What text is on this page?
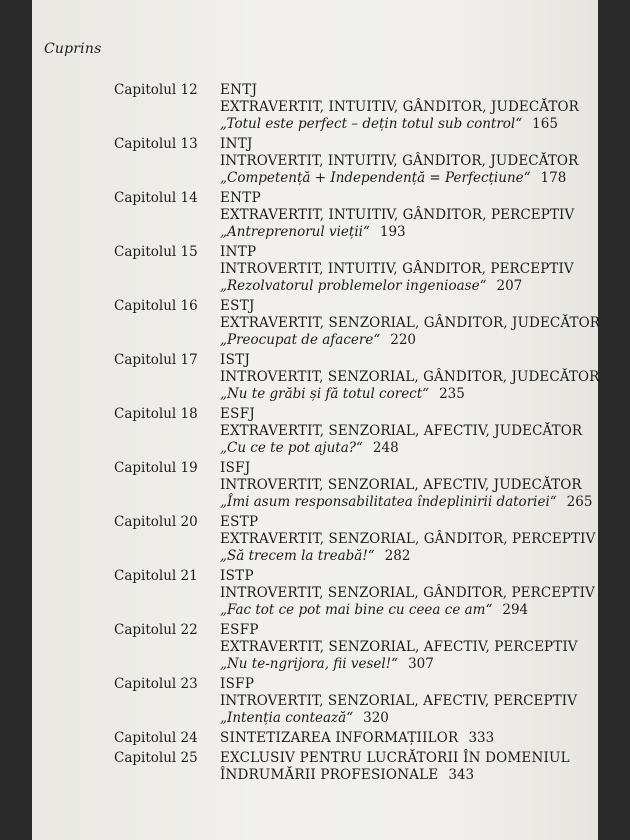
Cuprins
Capitolul 12	ENTJ
EXTRAVERTIT, INTUITIV, GÂNDITOR, JUDECĂTOR
„Totul este perfect – dețin totul sub control“ 165
Capitolul 13	INTJ
INTROVERTIT, INTUITIV, GÂNDITOR, JUDECĂTOR
„Competență + Independență = Perfecțiune“ 178
Capitolul 14	ENTP
EXTRAVERTIT, INTUITIV, GÂNDITOR, PERCEPTIV
„Antreprenorul vieții“ 193
Capitolul 15	INTP
INTROVERTIT, INTUITIV, GÂNDITOR, PERCEPTIV
„Rezolvatorul problemelor ingenioase“ 207
Capitolul 16	ESTJ
EXTRAVERTIT, SENZORIAL, GÂNDITOR, JUDECĂTOR
„Preocupat de afacere“ 220
Capitolul 17	ISTJ
INTROVERTIT, SENZORIAL, GÂNDITOR, JUDECĂTOR
„Nu te grăbi și fă totul corect“ 235
Capitolul 18	ESFJ
EXTRAVERTIT, SENZORIAL, AFECTIV, JUDECĂTOR
„Cu ce te pot ajuta?“ 248
Capitolul 19	ISFJ
INTROVERTIT, SENZORIAL, AFECTIV, JUDECĂTOR
„Îmi asum responsabilitatea îndeplinirii datoriei“ 265
Capitolul 20	ESTP
EXTRAVERTIT, SENZORIAL, GÂNDITOR, PERCEPTIV
„Să trecem la treabă!“ 282
Capitolul 21	ISTP
INTROVERTIT, SENZORIAL, GÂNDITOR, PERCEPTIV
„Fac tot ce pot mai bine cu ceea ce am“ 294
Capitolul 22	ESFP
EXTRAVERTIT, SENZORIAL, AFECTIV, PERCEPTIV
„Nu te-ngrijora, fii vesel!“ 307
Capitolul 23	ISFP
INTROVERTIT, SENZORIAL, AFECTIV, PERCEPTIV
„Intenția contează“ 320
Capitolul 24	SINTETIZAREA INFORMAȚIILOR 333
Capitolul 25	EXCLUSIV PENTRU LUCRĂTORII ÎN DOMENIUL
ÎNDRUMĂRII PROFESIONALE 343
